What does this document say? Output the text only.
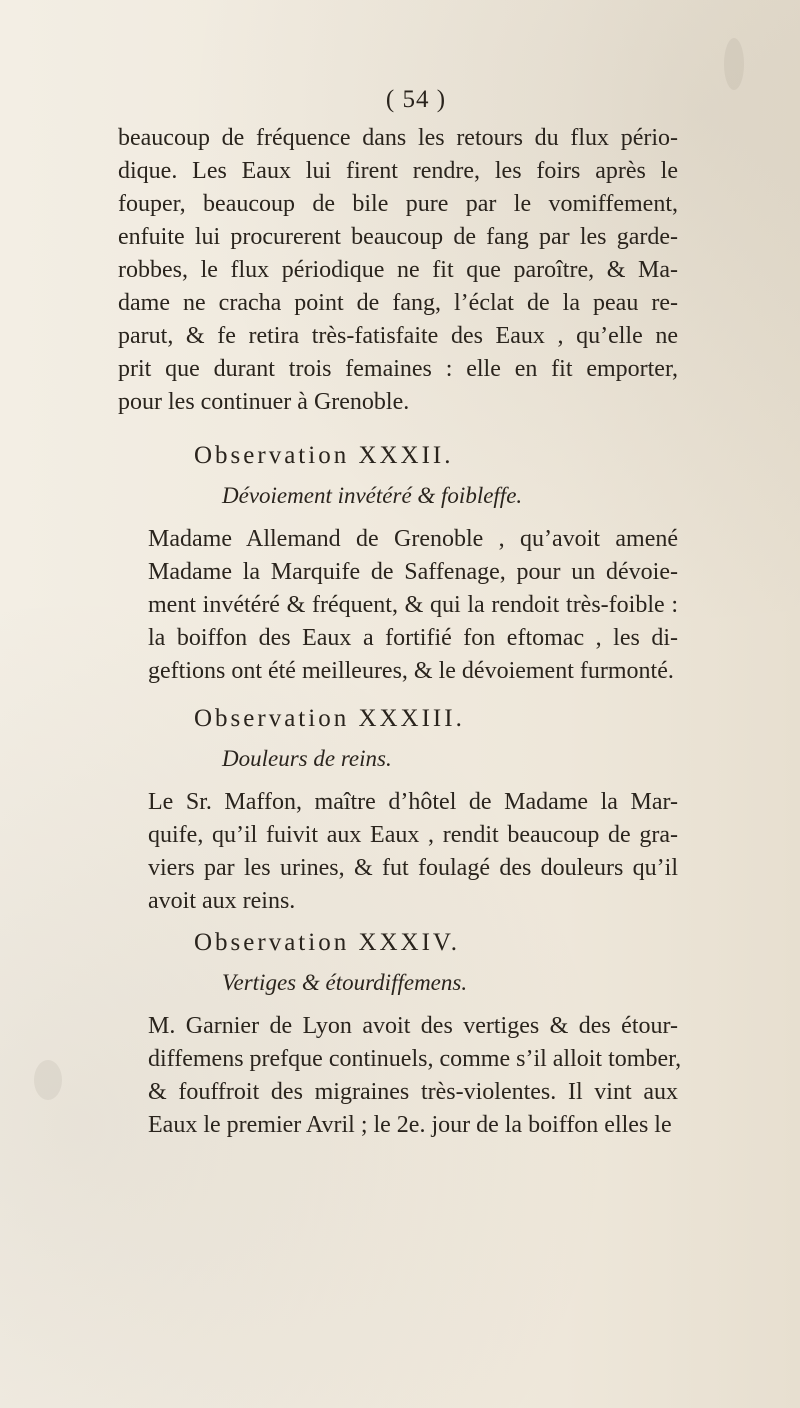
( 54 )

beaucoup de fréquence dans les retours du flux pério-
dique. Les Eaux lui firent rendre, les foirs après le
fouper, beaucoup de bile pure par le vomiffement,
enfuite lui procurerent beaucoup de fang par les garde-
robbes, le flux périodique ne fit que paroître, & Ma-
dame ne cracha point de fang, l’éclat de la peau re-
parut, & fe retira très-fatisfaite des Eaux , qu’elle ne
prit que durant trois femaines : elle en fit emporter,
pour les continuer à Grenoble.

Observation XXXII.
Dévoiement invétéré & foibleffe.

Madame Allemand de Grenoble , qu’avoit amené
Madame la Marquife de Saffenage, pour un dévoie-
ment invétéré & fréquent, & qui la rendoit très-foible :
la boiffon des Eaux a fortifié fon eftomac , les di-
geftions ont été meilleures, & le dévoiement furmonté.

Observation XXXIII.
Douleurs de reins.

Le Sr. Maffon, maître d’hôtel de Madame la Mar-
quife, qu’il fuivit aux Eaux , rendit beaucoup de gra-
viers par les urines, & fut foulagé des douleurs qu’il
avoit aux reins.

Observation XXXIV.
Vertiges & étourdiffemens.

M. Garnier de Lyon avoit des vertiges & des étour-
diffemens prefque continuels, comme s’il alloit tomber,
& fouffroit des migraines très-violentes. Il vint aux
Eaux le premier Avril ; le 2e. jour de la boiffon elles le
